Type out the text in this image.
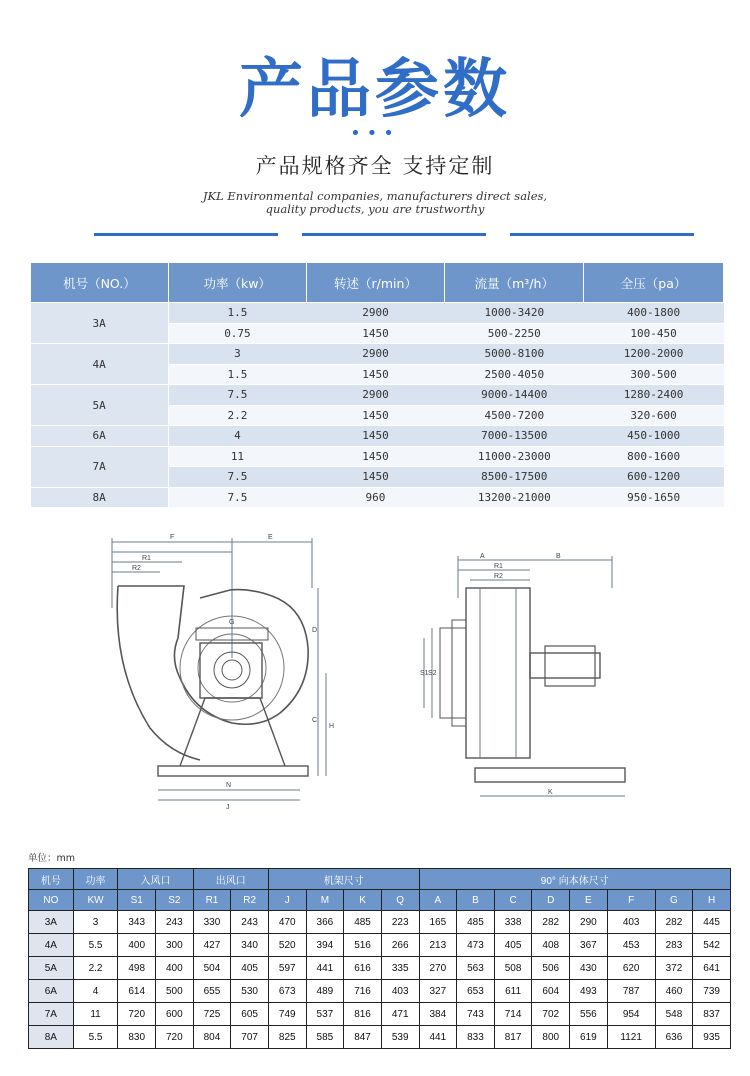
产品参数
•••
产品规格齐全 支持定制
JKL Environmental companies, manufacturers direct sales,
quality products, you are trustworthy
机号（NO.）	功率（kw）	转述（r/min）	流量（m³/h）	全压（pa）
3A	1.5	2900	1000-3420	400-1800
	0.75	1450	500-2250	100-450
4A	3	2900	5000-8100	1200-2000
	1.5	1450	2500-4050	300-500
5A	7.5	2900	9000-14400	1280-2400
	2.2	1450	4500-7200	320-600
6A	4	1450	7000-13500	450-1000
7A	11	1450	11000-23000	800-1600
	7.5	1450	8500-17500	600-1200
8A	7.5	960	13200-21000	950-1650
F	E
R1
R2
G
D
C
H
N
J
A	B
R1
R2
S1 S2
K
单位：mm
机号	功率	入风口		出风口		机架尺寸				90° 向本体尺寸							
NO	KW	S1	S2	R1	R2	J	M	K	Q	A	B	C	D	E	F	G	H
3A	3	343	243	330	243	470	366	485	223	165	485	338	282	290	403	282	445
4A	5.5	400	300	427	340	520	394	516	266	213	473	405	408	367	453	283	542
5A	2.2	498	400	504	405	597	441	616	335	270	563	508	506	430	620	372	641
6A	4	614	500	655	530	673	489	716	403	327	653	611	604	493	787	460	739
7A	11	720	600	725	605	749	537	816	471	384	743	714	702	556	954	548	837
8A	5.5	830	720	804	707	825	585	847	539	441	833	817	800	619	1121	636	935
